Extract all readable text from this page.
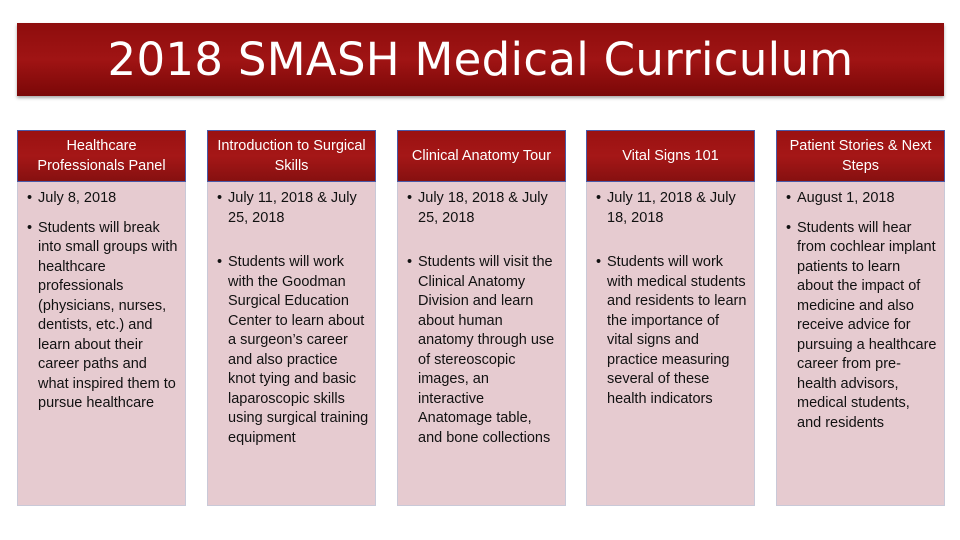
2018 SMASH Medical Curriculum
Healthcare Professionals Panel

• July 8, 2018

• Students will break into small groups with healthcare professionals (physicians, nurses, dentists, etc.) and learn about their career paths and what inspired them to pursue healthcare

Introduction to Surgical Skills

• July 11, 2018 & July 25, 2018

• Students will work with the Goodman Surgical Education Center to learn about a surgeon’s career and also practice knot tying and basic laparoscopic skills using surgical training equipment

Clinical Anatomy Tour

• July 18, 2018 & July 25, 2018

• Students will visit the Clinical Anatomy Division and learn about human anatomy through use of stereoscopic images, an interactive Anatomage table, and bone collections

Vital Signs 101

• July 11, 2018 & July 18, 2018

• Students will work with medical students and residents to learn the importance of vital signs and practice measuring several of these health indicators

Patient Stories & Next Steps

• August 1, 2018

• Students will hear from cochlear implant patients to learn about the impact of medicine and also receive advice for pursuing a healthcare career from pre-health advisors, medical students, and residents
